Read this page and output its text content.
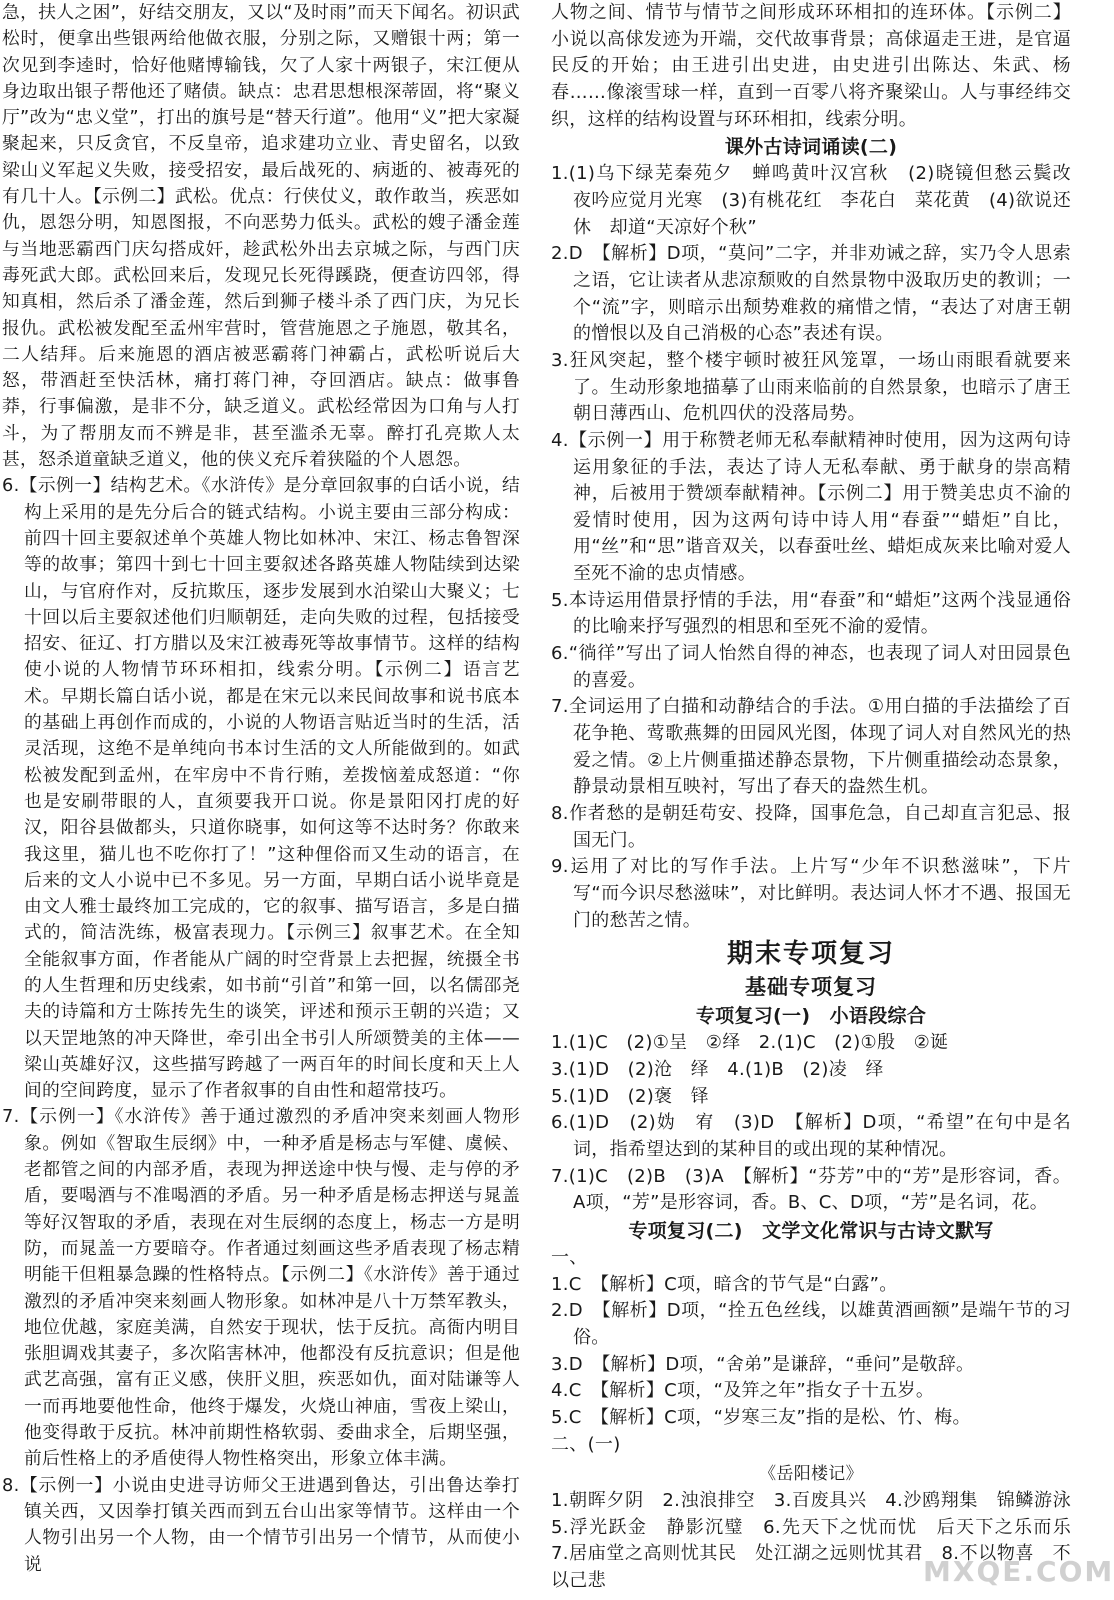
急，扶人之困”，好结交朋友，又以“及时雨”而天下闻名。初识武松时，便拿出些银两给他做衣服，分别之际，又赠银十两；第一次见到李逵时，恰好他赌博输钱，欠了人家十两银子，宋江便从身边取出银子帮他还了赌债。缺点：忠君思想根深蒂固，将“聚义厅”改为“忠义堂”，打出的旗号是“替天行道”。他用“义”把大家凝聚起来，只反贪官，不反皇帝，追求建功立业、青史留名，以致梁山义军起义失败，接受招安，最后战死的、病逝的、被毒死的有几十人。【示例二】武松。优点：行侠仗义，敢作敢当，疾恶如仇，恩怨分明，知恩图报，不向恶势力低头。武松的嫂子潘金莲与当地恶霸西门庆勾搭成奸，趁武松外出去京城之际，与西门庆毒死武大郎。武松回来后，发现兄长死得蹊跷，便查访四邻，得知真相，然后杀了潘金莲，然后到狮子楼斗杀了西门庆，为兄长报仇。武松被发配至孟州牢营时，管营施恩之子施恩，敬其名，二人结拜。后来施恩的酒店被恶霸蒋门神霸占，武松听说后大怒，带酒赶至快活林，痛打蒋门神，夺回酒店。缺点：做事鲁莽，行事偏激，是非不分，缺乏道义。武松经常因为口角与人打斗，为了帮朋友而不辨是非，甚至滥杀无辜。醉打孔亮欺人太甚，怒杀道童缺乏道义，他的侠义充斥着狭隘的个人恩怨。

6.【示例一】结构艺术。《水浒传》是分章回叙事的白话小说，结构上采用的是先分后合的链式结构。小说主要由三部分构成：前四十回主要叙述单个英雄人物比如林冲、宋江、杨志鲁智深等的故事；第四十到七十回主要叙述各路英雄人物陆续到达梁山，与官府作对，反抗欺压，逐步发展到水泊梁山大聚义；七十回以后主要叙述他们归顺朝廷，走向失败的过程，包括接受招安、征辽、打方腊以及宋江被毒死等故事情节。这样的结构使小说的人物情节环环相扣，线索分明。【示例二】语言艺术。早期长篇白话小说，都是在宋元以来民间故事和说书底本的基础上再创作而成的，小说的人物语言贴近当时的生活，活灵活现，这绝不是单纯向书本讨生活的文人所能做到的。如武松被发配到孟州，在牢房中不肯行贿，差拨恼羞成怒道：“你也是安刷带眼的人，直须要我开口说。你是景阳冈打虎的好汉，阳谷县做都头，只道你晓事，如何这等不达时务？你敢来我这里，猫儿也不吃你打了！”这种俚俗而又生动的语言，在后来的文人小说中已不多见。另一方面，早期白话小说毕竟是由文人雅士最终加工完成的，它的叙事、描写语言，多是白描式的，简洁洗练，极富表现力。【示例三】叙事艺术。在全知全能叙事方面，作者能从广阔的时空背景上去把握，统摄全书的人生哲理和历史线索，如书前“引首”和第一回，以名儒邵尧夫的诗篇和方士陈抟先生的谈笑，评述和预示王朝的兴造；又以天罡地煞的冲天降世，牵引出全书引人所颂赞美的主体——梁山英雄好汉，这些描写跨越了一两百年的时间长度和天上人间的空间跨度，显示了作者叙事的自由性和超常技巧。

7.【示例一】《水浒传》善于通过激烈的矛盾冲突来刻画人物形象。例如《智取生辰纲》中，一种矛盾是杨志与军健、虞候、老都管之间的内部矛盾，表现为押送途中快与慢、走与停的矛盾，要喝酒与不准喝酒的矛盾。另一种矛盾是杨志押送与晁盖等好汉智取的矛盾，表现在对生辰纲的态度上，杨志一方是明防，而晁盖一方要暗夺。作者通过刻画这些矛盾表现了杨志精明能干但粗暴急躁的性格特点。【示例二】《水浒传》善于通过激烈的矛盾冲突来刻画人物形象。如林冲是八十万禁军教头，地位优越，家庭美满，自然安于现状，怯于反抗。高衙内明目张胆调戏其妻子，多次陷害林冲，他都没有反抗意识；但是他武艺高强，富有正义感，侠肝义胆，疾恶如仇，面对陆谦等人一而再地要他性命，他终于爆发，火烧山神庙，雪夜上梁山，他变得敢于反抗。林冲前期性格软弱、委曲求全，后期坚强，前后性格上的矛盾使得人物性格突出，形象立体丰满。

8.【示例一】小说由史进寻访师父王进遇到鲁达，引出鲁达拳打镇关西，又因拳打镇关西而到五台山出家等情节。这样由一个人物引出另一个人物，由一个情节引出另一个情节，从而使小说

人物之间、情节与情节之间形成环环相扣的连环体。【示例二】小说以高俅发迹为开端，交代故事背景；高俅逼走王进，是官逼民反的开始；由王进引出史进，由史进引出陈达、朱武、杨春……像滚雪球一样，直到一百零八将齐聚梁山。人与事经纬交织，这样的结构设置与环环相扣，线索分明。

课外古诗词诵读(二)

1.(1)乌下绿芜秦苑夕　蝉鸣黄叶汉宫秋　(2)晓镜但愁云鬓改　夜吟应觉月光寒　(3)有桃花红　李花白　菜花黄　(4)欲说还休　却道“天凉好个秋”

2.D　【解析】D项，“莫问”二字，并非劝诫之辞，实乃令人思索之语，它让读者从悲凉颓败的自然景物中汲取历史的教训；一个“流”字，则暗示出颓势难救的痛惜之情，“表达了对唐王朝的憎恨以及自己消极的心态”表述有误。

3.狂风突起，整个楼宇顿时被狂风笼罩，一场山雨眼看就要来了。生动形象地描摹了山雨来临前的自然景象，也暗示了唐王朝日薄西山、危机四伏的没落局势。

4.【示例一】用于称赞老师无私奉献精神时使用，因为这两句诗运用象征的手法，表达了诗人无私奉献、勇于献身的崇高精神，后被用于赞颂奉献精神。【示例二】用于赞美忠贞不渝的爱情时使用，因为这两句诗中诗人用“春蚕”“蜡炬”自比，用“丝”和“思”谐音双关，以春蚕吐丝、蜡炬成灰来比喻对爱人至死不渝的忠贞情感。

5.本诗运用借景抒情的手法，用“春蚕”和“蜡炬”这两个浅显通俗的比喻来抒写强烈的相思和至死不渝的爱情。

6.“徜徉”写出了词人怡然自得的神态，也表现了词人对田园景色的喜爱。

7.全词运用了白描和动静结合的手法。①用白描的手法描绘了百花争艳、莺歌燕舞的田园风光图，体现了词人对自然风光的热爱之情。②上片侧重描述静态景物，下片侧重描绘动态景象，静景动景相互映衬，写出了春天的盎然生机。

8.作者愁的是朝廷苟安、投降，国事危急，自己却直言犯忌、报国无门。

9.运用了对比的写作手法。上片写“少年不识愁滋味”，下片写“而今识尽愁滋味”，对比鲜明。表达词人怀才不遇、报国无门的愁苦之情。

期末专项复习
基础专项复习
专项复习(一)　小语段综合

1.(1)C　(2)①呈　②绎　2.(1)C　(2)①殷　②诞

3.(1)D　(2)沧　绎　4.(1)B　(2)凌　绎

5.(1)D　(2)褒　铎

6.(1)D　(2)妫　宥　(3)D　【解析】D项，“希望”在句中是名词，指希望达到的某种目的或出现的某种情况。

7.(1)C　(2)B　(3)A　【解析】“芬芳”中的“芳”是形容词，香。A项，“芳”是形容词，香。B、C、D项，“芳”是名词，花。

专项复习(二)　文学文化常识与古诗文默写

一、

1.C　【解析】C项，暗含的节气是“白露”。

2.D　【解析】D项，“拴五色丝线，以雄黄酒画额”是端午节的习俗。

3.D　【解析】D项，“舍弟”是谦辞，“垂问”是敬辞。

4.C　【解析】C项，“及笄之年”指女子十五岁。

5.C　【解析】C项，“岁寒三友”指的是松、竹、梅。

二、(一)

《岳阳楼记》

1.朝晖夕阴　2.浊浪排空　3.百废具兴　4.沙鸥翔集　锦鳞游泳　5.浮光跃金　静影沉璧　6.先天下之忧而忧　后天下之乐而乐　7.居庙堂之高则忧其民　处江湖之远则忧其君　8.不以物喜　不以己悲	MXQE.COM
